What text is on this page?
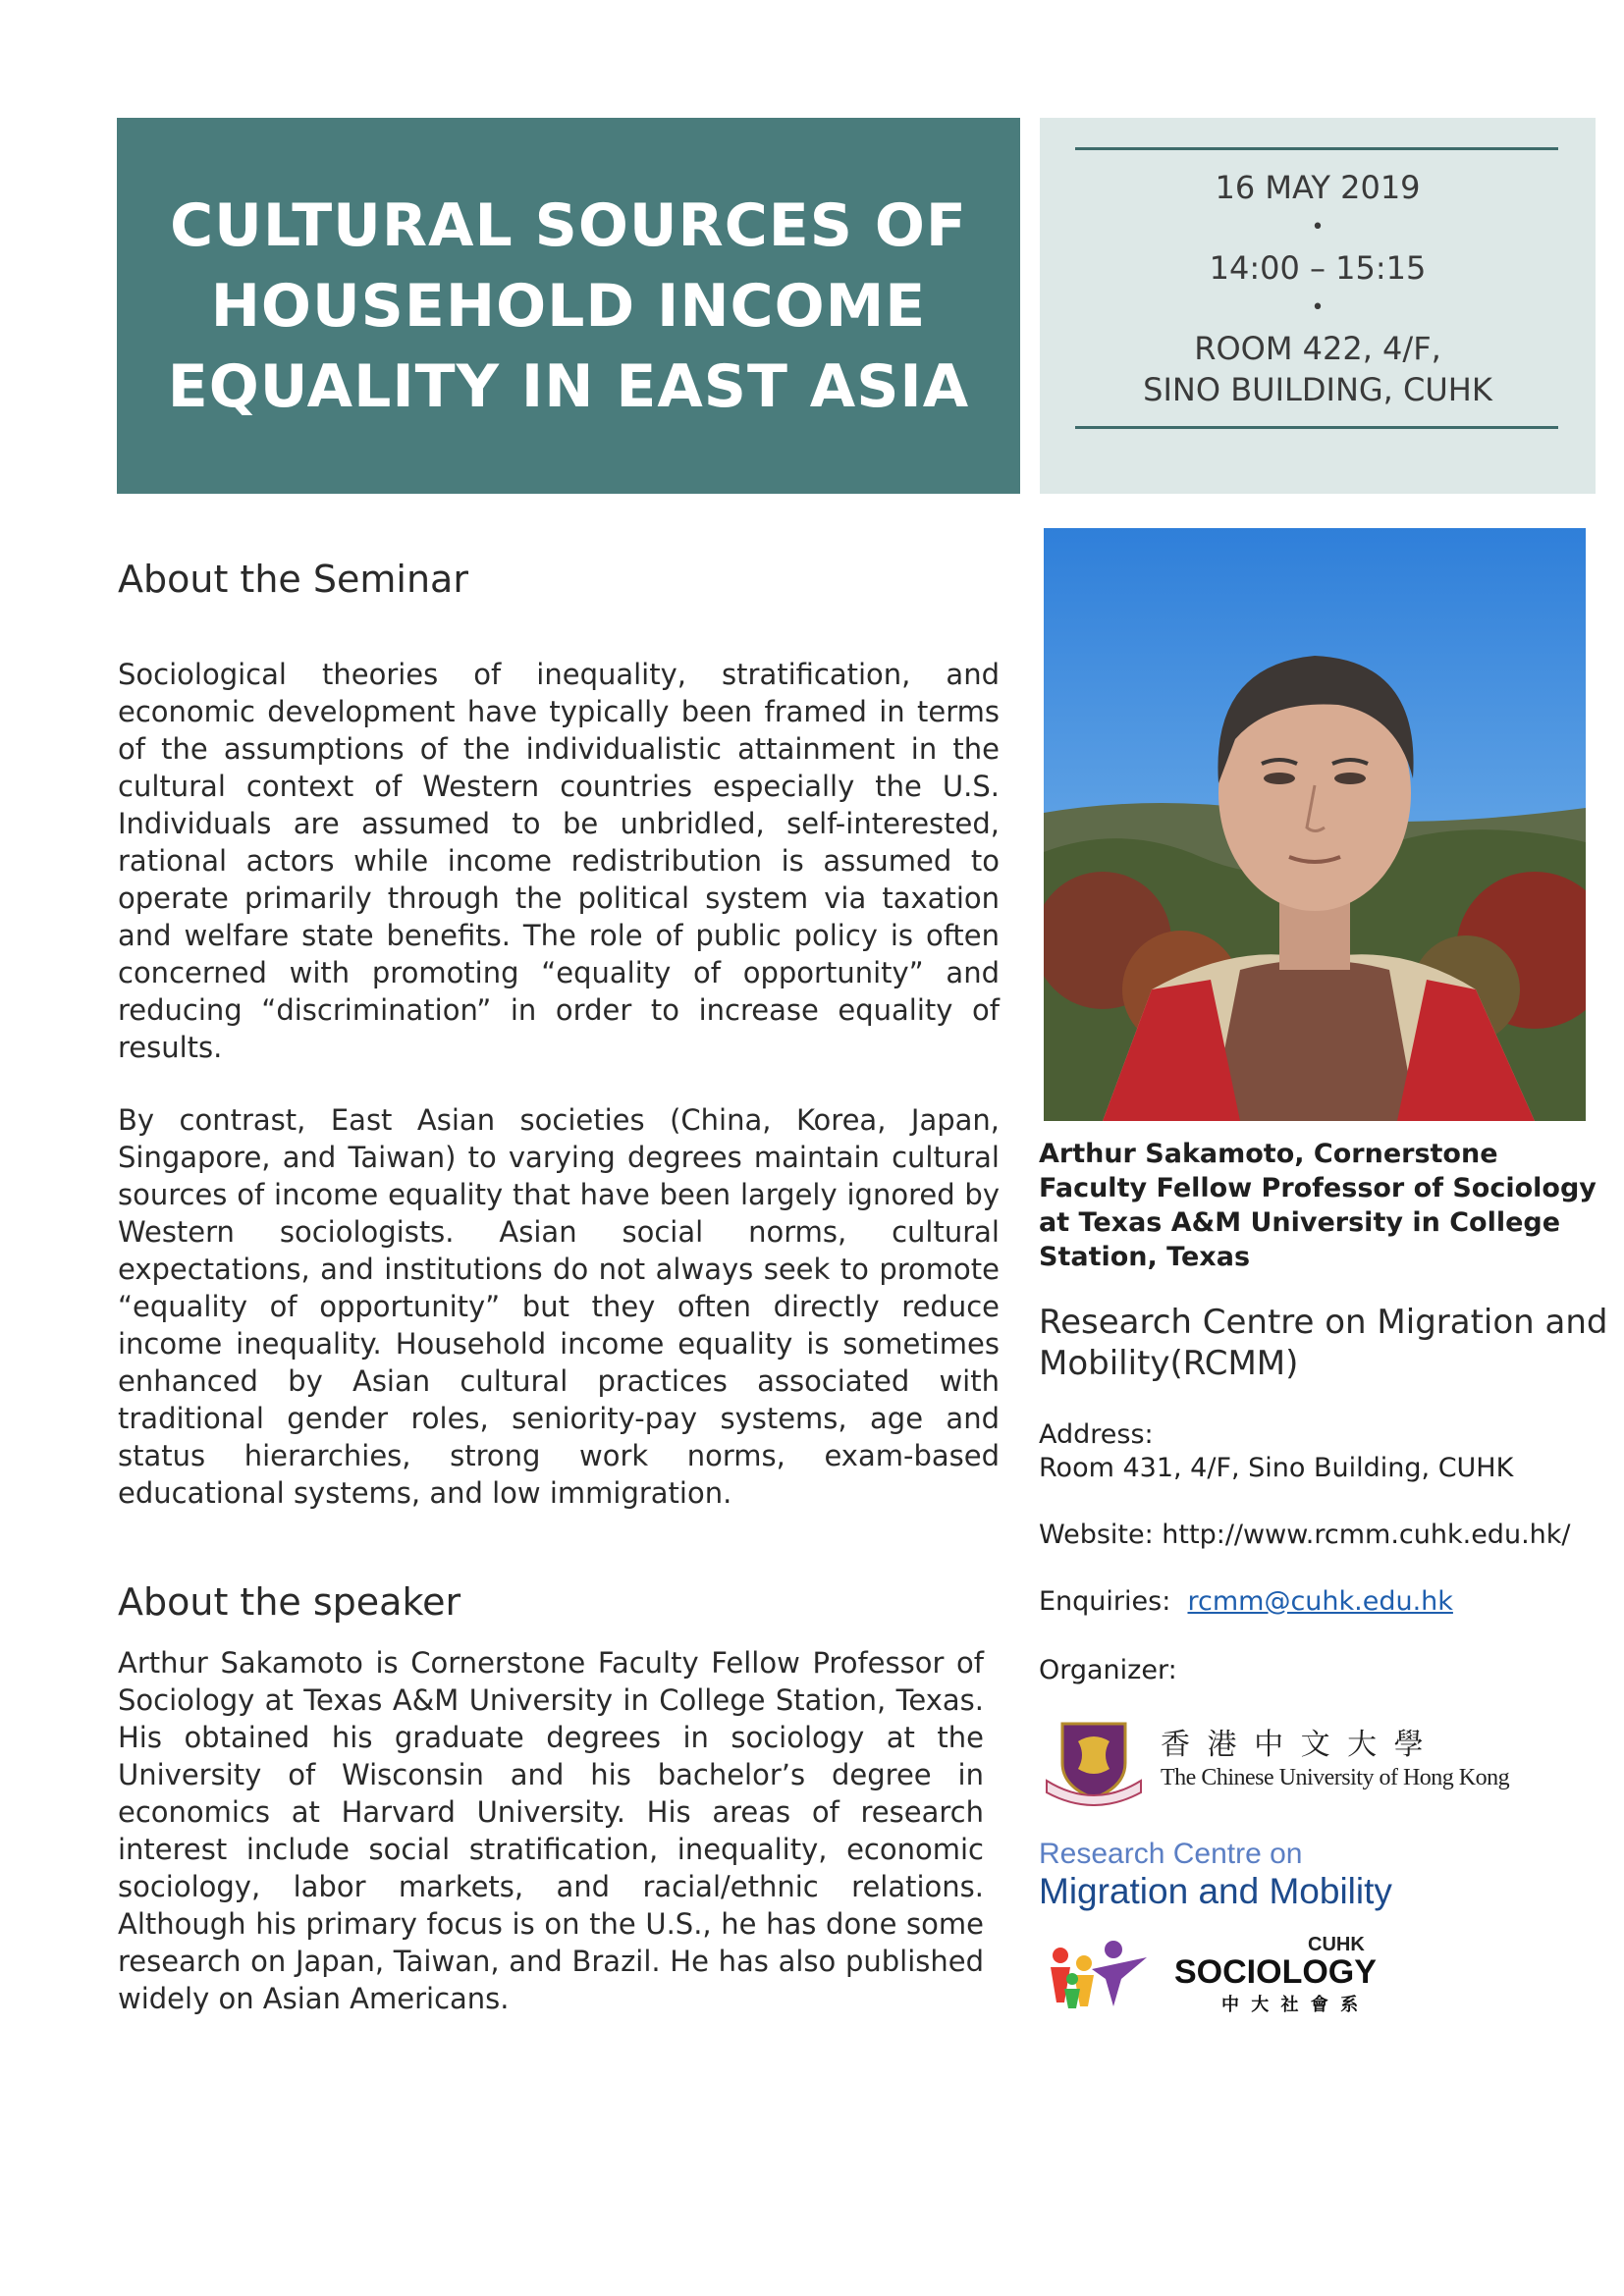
CULTURAL SOURCES OF
HOUSEHOLD INCOME
EQUALITY IN EAST ASIA
16 MAY 2019
•
14:00 – 15:15
•
ROOM 422, 4/F,
SINO BUILDING, CUHK
About the Seminar

Sociological theories of inequality, stratification, and economic development have typically been framed in terms of the assumptions of the individualistic attainment in the cultural context of Western countries especially the U.S. Individuals are assumed to be unbridled, self-interested, rational actors while income redistribution is assumed to operate primarily through the political system via taxation and welfare state benefits. The role of public policy is often concerned with promoting “equality of opportunity” and reducing “discrimination” in order to increase equality of results.

By contrast, East Asian societies (China, Korea, Japan, Singapore, and Taiwan) to varying degrees maintain cultural sources of income equality that have been largely ignored by Western sociologists. Asian social norms, cultural expectations, and institutions do not always seek to promote “equality of opportunity” but they often directly reduce income inequality. Household income equality is sometimes enhanced by Asian cultural practices associated with traditional gender roles, seniority-pay systems, age and status hierarchies, strong work norms, exam-based educational systems, and low immigration.

About the speaker

Arthur Sakamoto is Cornerstone Faculty Fellow Professor of Sociology at Texas A&M University in College Station, Texas. His obtained his graduate degrees in sociology at the University of Wisconsin and his bachelor’s degree in economics at Harvard University. His areas of research interest include social stratification, inequality, economic sociology, labor markets, and racial/ethnic relations. Although his primary focus is on the U.S., he has done some research on Japan, Taiwan, and Brazil. He has also published widely on Asian Americans.

Arthur Sakamoto, Cornerstone Faculty Fellow Professor of Sociology at Texas A&M University in College Station, Texas

Research Centre on Migration and Mobility(RCMM)

Address:

Room 431, 4/F, Sino Building, CUHK

Website: http://www.rcmm.cuhk.edu.hk/

Enquiries: rcmm@cuhk.edu.hk

Organizer:

香 港 中 文 大 學
The Chinese University of Hong Kong
Research Centre on
Migration and Mobility
CUHK
SOCIOLOGY
中 大 社 會 系
